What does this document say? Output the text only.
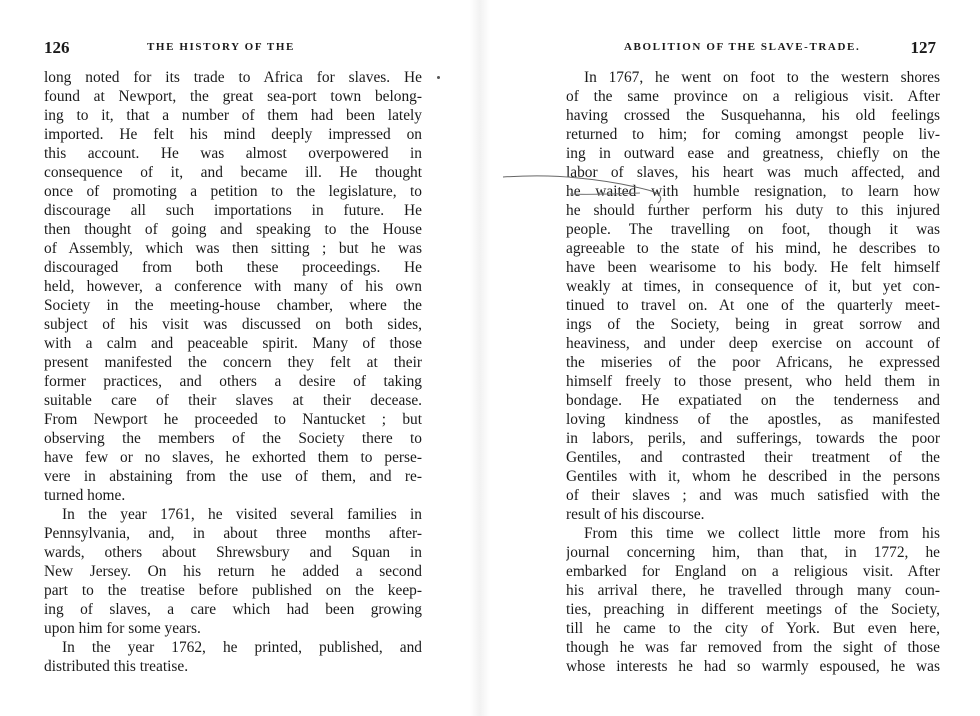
126	THE HISTORY OF THE
long noted for its trade to Africa for slaves. He
found at Newport, the great sea-port town belong-
ing to it, that a number of them had been lately
imported. He felt his mind deeply impressed on
this account. He was almost overpowered in
consequence of it, and became ill. He thought
once of promoting a petition to the legislature, to
discourage all such importations in future. He
then thought of going and speaking to the House
of Assembly, which was then sitting ; but he was
discouraged from both these proceedings. He
held, however, a conference with many of his own
Society in the meeting-house chamber, where the
subject of his visit was discussed on both sides,
with a calm and peaceable spirit. Many of those
present manifested the concern they felt at their
former practices, and others a desire of taking
suitable care of their slaves at their decease.
From Newport he proceeded to Nantucket ; but
observing the members of the Society there to
have few or no slaves, he exhorted them to perse-
vere in abstaining from the use of them, and re-
turned home.
In the year 1761, he visited several families in
Pennsylvania, and, in about three months after-
wards, others about Shrewsbury and Squan in
New Jersey. On his return he added a second
part to the treatise before published on the keep-
ing of slaves, a care which had been growing
upon him for some years.
In the year 1762, he printed, published, and
distributed this treatise.
ABOLITION OF THE SLAVE-TRADE.	127
In 1767, he went on foot to the western shores
of the same province on a religious visit. After
having crossed the Susquehanna, his old feelings
returned to him; for coming amongst people liv-
ing in outward ease and greatness, chiefly on the
labor of slaves, his heart was much affected, and
he waited with humble resignation, to learn how
he should further perform his duty to this injured
people. The travelling on foot, though it was
agreeable to the state of his mind, he describes to
have been wearisome to his body. He felt himself
weakly at times, in consequence of it, but yet con-
tinued to travel on. At one of the quarterly meet-
ings of the Society, being in great sorrow and
heaviness, and under deep exercise on account of
the miseries of the poor Africans, he expressed
himself freely to those present, who held them in
bondage. He expatiated on the tenderness and
loving kindness of the apostles, as manifested
in labors, perils, and sufferings, towards the poor
Gentiles, and contrasted their treatment of the
Gentiles with it, whom he described in the persons
of their slaves ; and was much satisfied with the
result of his discourse.
From this time we collect little more from his
journal concerning him, than that, in 1772, he
embarked for England on a religious visit. After
his arrival there, he travelled through many coun-
ties, preaching in different meetings of the Society,
till he came to the city of York. But even here,
though he was far removed from the sight of those
whose interests he had so warmly espoused, he was
